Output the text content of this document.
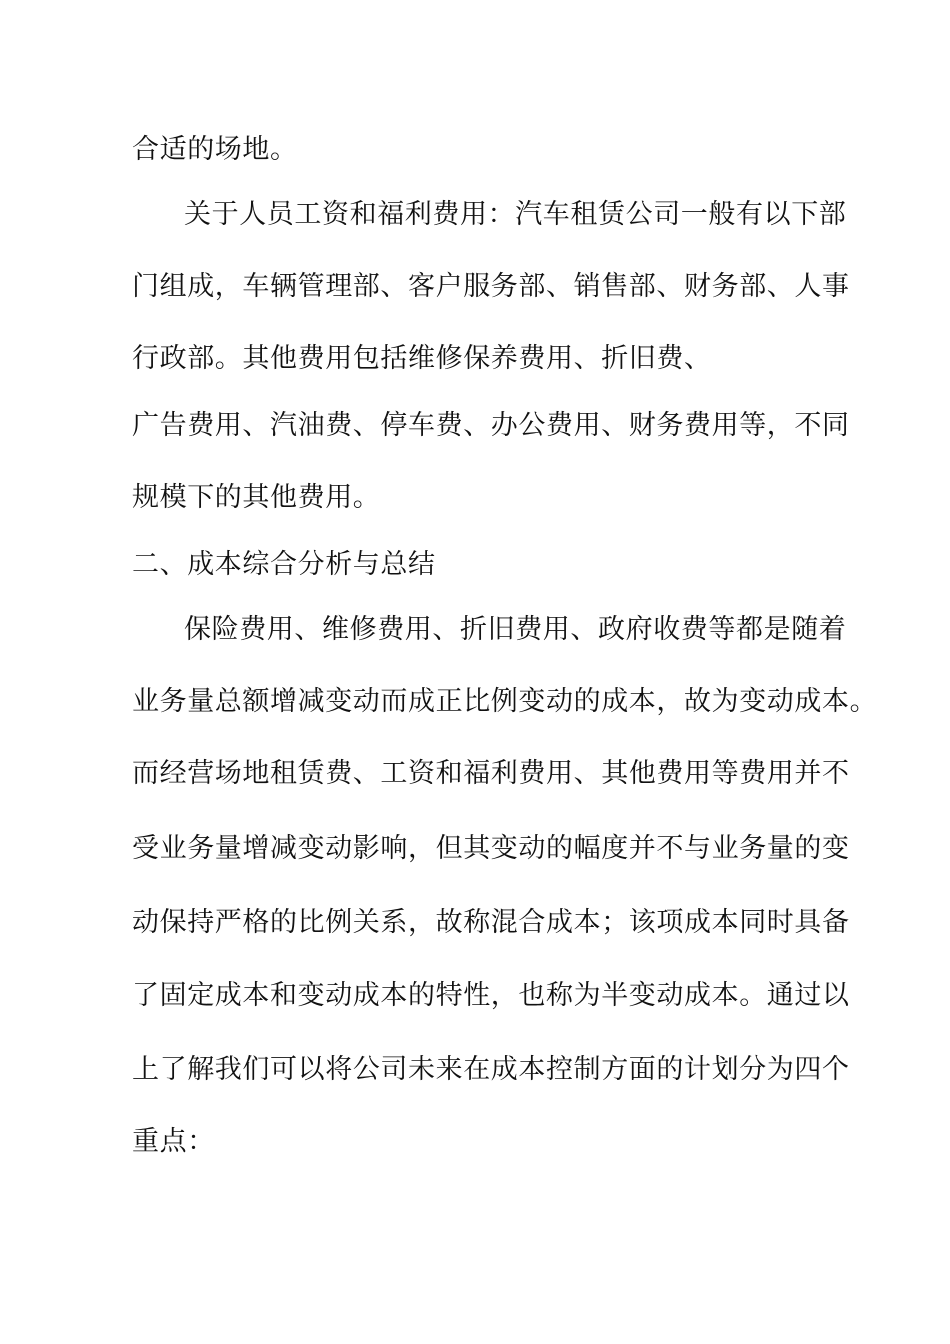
合适的场地。
关于人员工资和福利费用：汽车租赁公司一般有以下部
门组成，车辆管理部、客户服务部、销售部、财务部、人事
行政部。其他费用包括维修保养费用、折旧费、
广告费用、汽油费、停车费、办公费用、财务费用等，不同
规模下的其他费用。
二、成本综合分析与总结
保险费用、维修费用、折旧费用、政府收费等都是随着
业务量总额增减变动而成正比例变动的成本，故为变动成本。
而经营场地租赁费、工资和福利费用、其他费用等费用并不
受业务量增减变动影响，但其变动的幅度并不与业务量的变
动保持严格的比例关系，故称混合成本；该项成本同时具备
了固定成本和变动成本的特性，也称为半变动成本。通过以
上了解我们可以将公司未来在成本控制方面的计划分为四个
重点：
